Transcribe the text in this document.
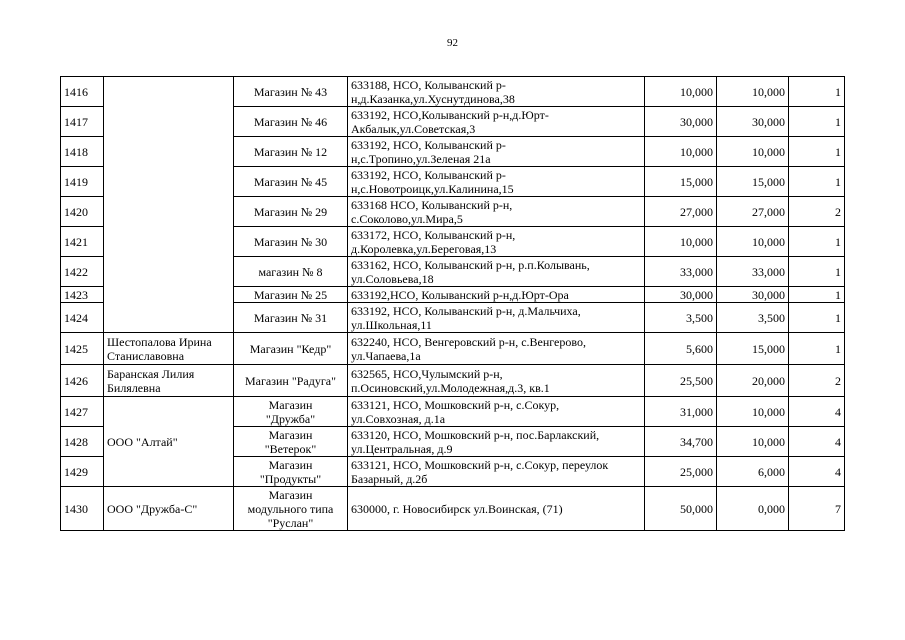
92
1416		Магазин № 43	633188, НСО, Колыванский р-
н,д.Казанка,ул.Хуснутдинова,38	10,000	10,000	1
1417		Магазин № 46	633192, НСО,Колыванский р-н,д.Юрт-
Акбалык,ул.Советская,3	30,000	30,000	1
1418		Магазин № 12	633192, НСО, Колыванский р-
н,с.Тропино,ул.Зеленая 21а	10,000	10,000	1
1419		Магазин № 45	633192, НСО, Колыванский р-
н,с.Новотроицк,ул.Калинина,15	15,000	15,000	1
1420		Магазин № 29	633168 НСО, Колыванский р-н,
с.Соколово,ул.Мира,5	27,000	27,000	2
1421		Магазин № 30	633172, НСО, Колыванский р-н,
д.Королевка,ул.Береговая,13	10,000	10,000	1
1422		магазин № 8	633162, НСО, Колыванский р-н, р.п.Колывань,
ул.Соловьева,18	33,000	33,000	1
1423		Магазин № 25	633192,НСО, Колыванский р-н,д.Юрт-Ора	30,000	30,000	1
1424		Магазин № 31	633192, НСО, Колыванский р-н, д.Мальчиха,
ул.Школьная,11	3,500	3,500	1
1425	Шестопалова Ирина
Станиславовна	Магазин "Кедр"	632240, НСО, Венгеровский р-н, с.Венгерово,
ул.Чапаева,1а	5,600	15,000	1
1426	Баранская Лилия
Билялевна	Магазин "Радуга"	632565, НСО,Чулымский р-н,
п.Осиновский,ул.Молодежная,д.3, кв.1	25,500	20,000	2
1427	ООО "Алтай"	Магазин
"Дружба"	633121, НСО, Мошковский р-н, с.Сокур,
ул.Совхозная, д.1а	31,000	10,000	4
1428		Магазин
"Ветерок"	633120, НСО, Мошковский р-н, пос.Барлакский,
ул.Центральная, д.9	34,700	10,000	4
1429		Магазин
"Продукты"	633121, НСО, Мошковский р-н, с.Сокур, переулок
Базарный, д.2б	25,000	6,000	4
1430	ООО "Дружба-С"	Магазин
модульного типа
"Руслан"	630000, г. Новосибирск ул.Воинская, (71)	50,000	0,000	7
